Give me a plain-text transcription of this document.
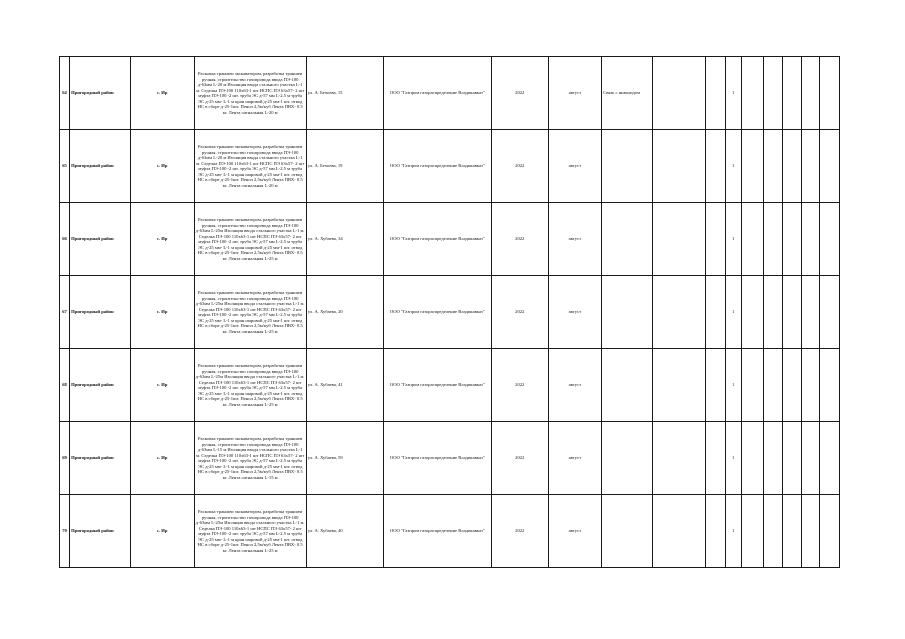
64	Пригородный район	с. Ир	Раскопка траншеи экскаватором, разработка траншеи ручная, строительство газопровода ввода ПЭ-100 д-63мм L-20 м Изоляция ввода стального участка L-1 м. Седелка ПЭ-100 110х63-1 шт НСПС ПЭ 63х57- 2 шт муфта ПЭ-100 -2 шт. труба ЭС д-57 мм L-2.5 м труба ЭС д-25 мм- L-1 м кран шаровой д-25 мм-1 шт. отвод НС в сборе д-25-1шт. Пенол 2,5м/куб Лента ПВХ- 0.5 кг. Лента сигнальная L-20 м	ул. А. Бечоева, 15	ООО "Газпром газораспределение Владикавказ"	2022	август	Связь с инвалидом			1					
65	Пригородный район	с. Ир	Раскопка траншеи экскаватором, разработка траншеи ручная, строительство газопровода ввода ПЭ-100 д-63мм L-20 м Изоляция ввода стального участка L-1 м. Седелка ПЭ-100 110х63-1 шт НСПС ПЭ 63х57- 2 шт муфта ПЭ-100 -2 шт. труба ЭС д-57 мм L-2.5 м труба ЭС д-25 мм- L-1 м кран шаровой д-25 мм-1 шт. отвод НС в сборе д-25-1шт. Пенол 2,5м/куб Лента ПВХ- 0.5 кг. Лента сигнальная L-20 м	ул. А. Бечоева, 19	ООО "Газпром газораспределение Владикавказ"	2022	август				1					
66	Пригородный район	с. Ир	Раскопка траншеи экскаватором, разработка траншеи ручная, строительство газопровода ввода ПЭ-100 д-63мм L-25м Изоляция ввода стального участка L-1 м. Седелка ПЭ-100 110х63-1 шт НСПС ПЭ 63х57- 2 шт муфта ПЭ-100 -2 шт. труба ЭС д-57 мм L-2.5 м труба ЭС д-25 мм- L-1 м кран шаровой д-25 мм-1 шт. отвод НС в сборе д-25-1шт. Пенол 2,5м/куб Лента ПВХ- 0.5 кг. Лента сигнальная L-25 м	ул. А. Хубаева, 34	ООО "Газпром газораспределение Владикавказ"	2022	август				1					
67	Пригородный район	с. Ир	Раскопка траншеи экскаватором, разработка траншеи ручная, строительство газопровода ввода ПЭ-100 д-63мм L-25м Изоляция ввода стального участка L-1 м. Седелка ПЭ-100 110х63-1 шт НСПС ПЭ 63х57- 2 шт муфта ПЭ-100 -2 шт. труба ЭС д-57 мм L-2.5 м труба ЭС д-25 мм- L-1 м кран шаровой д-25 мм-1 шт. отвод НС в сборе д-25-1шт. Пенол 2,5м/куб Лента ПВХ- 0.5 кг. Лента сигнальная L-25 м	ул. А. Хубаева, 20	ООО "Газпром газораспределение Владикавказ"	2022	август				1					
68	Пригородный район	с. Ир	Раскопка траншеи экскаватором, разработка траншеи ручная, строительство газопровода ввода ПЭ-100 д-63мм L-25м Изоляция ввода стального участка L-1 м. Седелка ПЭ-100 110х63-1 шт НСПС ПЭ 63х57- 2 шт муфта ПЭ-100 -2 шт. труба ЭС д-57 мм L-2.5 м труба ЭС д-25 мм- L-1 м кран шаровой д-25 мм-1 шт. отвод НС в сборе д-25-1шт. Пенол 2,5м/куб Лента ПВХ- 0.5 кг. Лента сигнальная L-25 м	ул. А. Хубаева, 41	ООО "Газпром газораспределение Владикавказ"	2022	август				1					
69	Пригородный район	с. Ир	Раскопка траншеи экскаватором, разработка траншеи ручная, строительство газопровода ввода ПЭ-100 д-63мм L-15 м Изоляция ввода стального участка L-1 м. Седелка ПЭ-100 110х63-1 шт НСПС ПЭ 63х57- 2 шт муфта ПЭ-100 -2 шт. труба ЭС д-57 мм L-2.5 м труба ЭС д-25 мм- L-1 м кран шаровой д-25 мм-1 шт. отвод НС в сборе д-25-1шт. Пенол 2,5м/куб Лента ПВХ- 0.5 кг. Лента сигнальная L-15 м	ул. А. Хубаева, 59	ООО "Газпром газораспределение Владикавказ"	2022	август				1					
70	Пригородный район	с. Ир	Раскопка траншеи экскаватором, разработка траншеи ручная, строительство газопровода ввода ПЭ-100 д-63мм L-25м Изоляция ввода стального участка L-1 м. Седелка ПЭ-100 110х63-1 шт НСПС ПЭ 63х57- 2 шт муфта ПЭ-100 -2 шт. труба ЭС д-57 мм L-2.5 м труба ЭС д-25 мм- L-1 м кран шаровой д-25 мм-1 шт. отвод НС в сборе д-25-1шт. Пенол 2,5м/куб Лента ПВХ- 0.5 кг. Лента сигнальная L-25 м	ул. А. Хубаева, 40	ООО "Газпром газораспределение Владикавказ"	2022	август				1					
